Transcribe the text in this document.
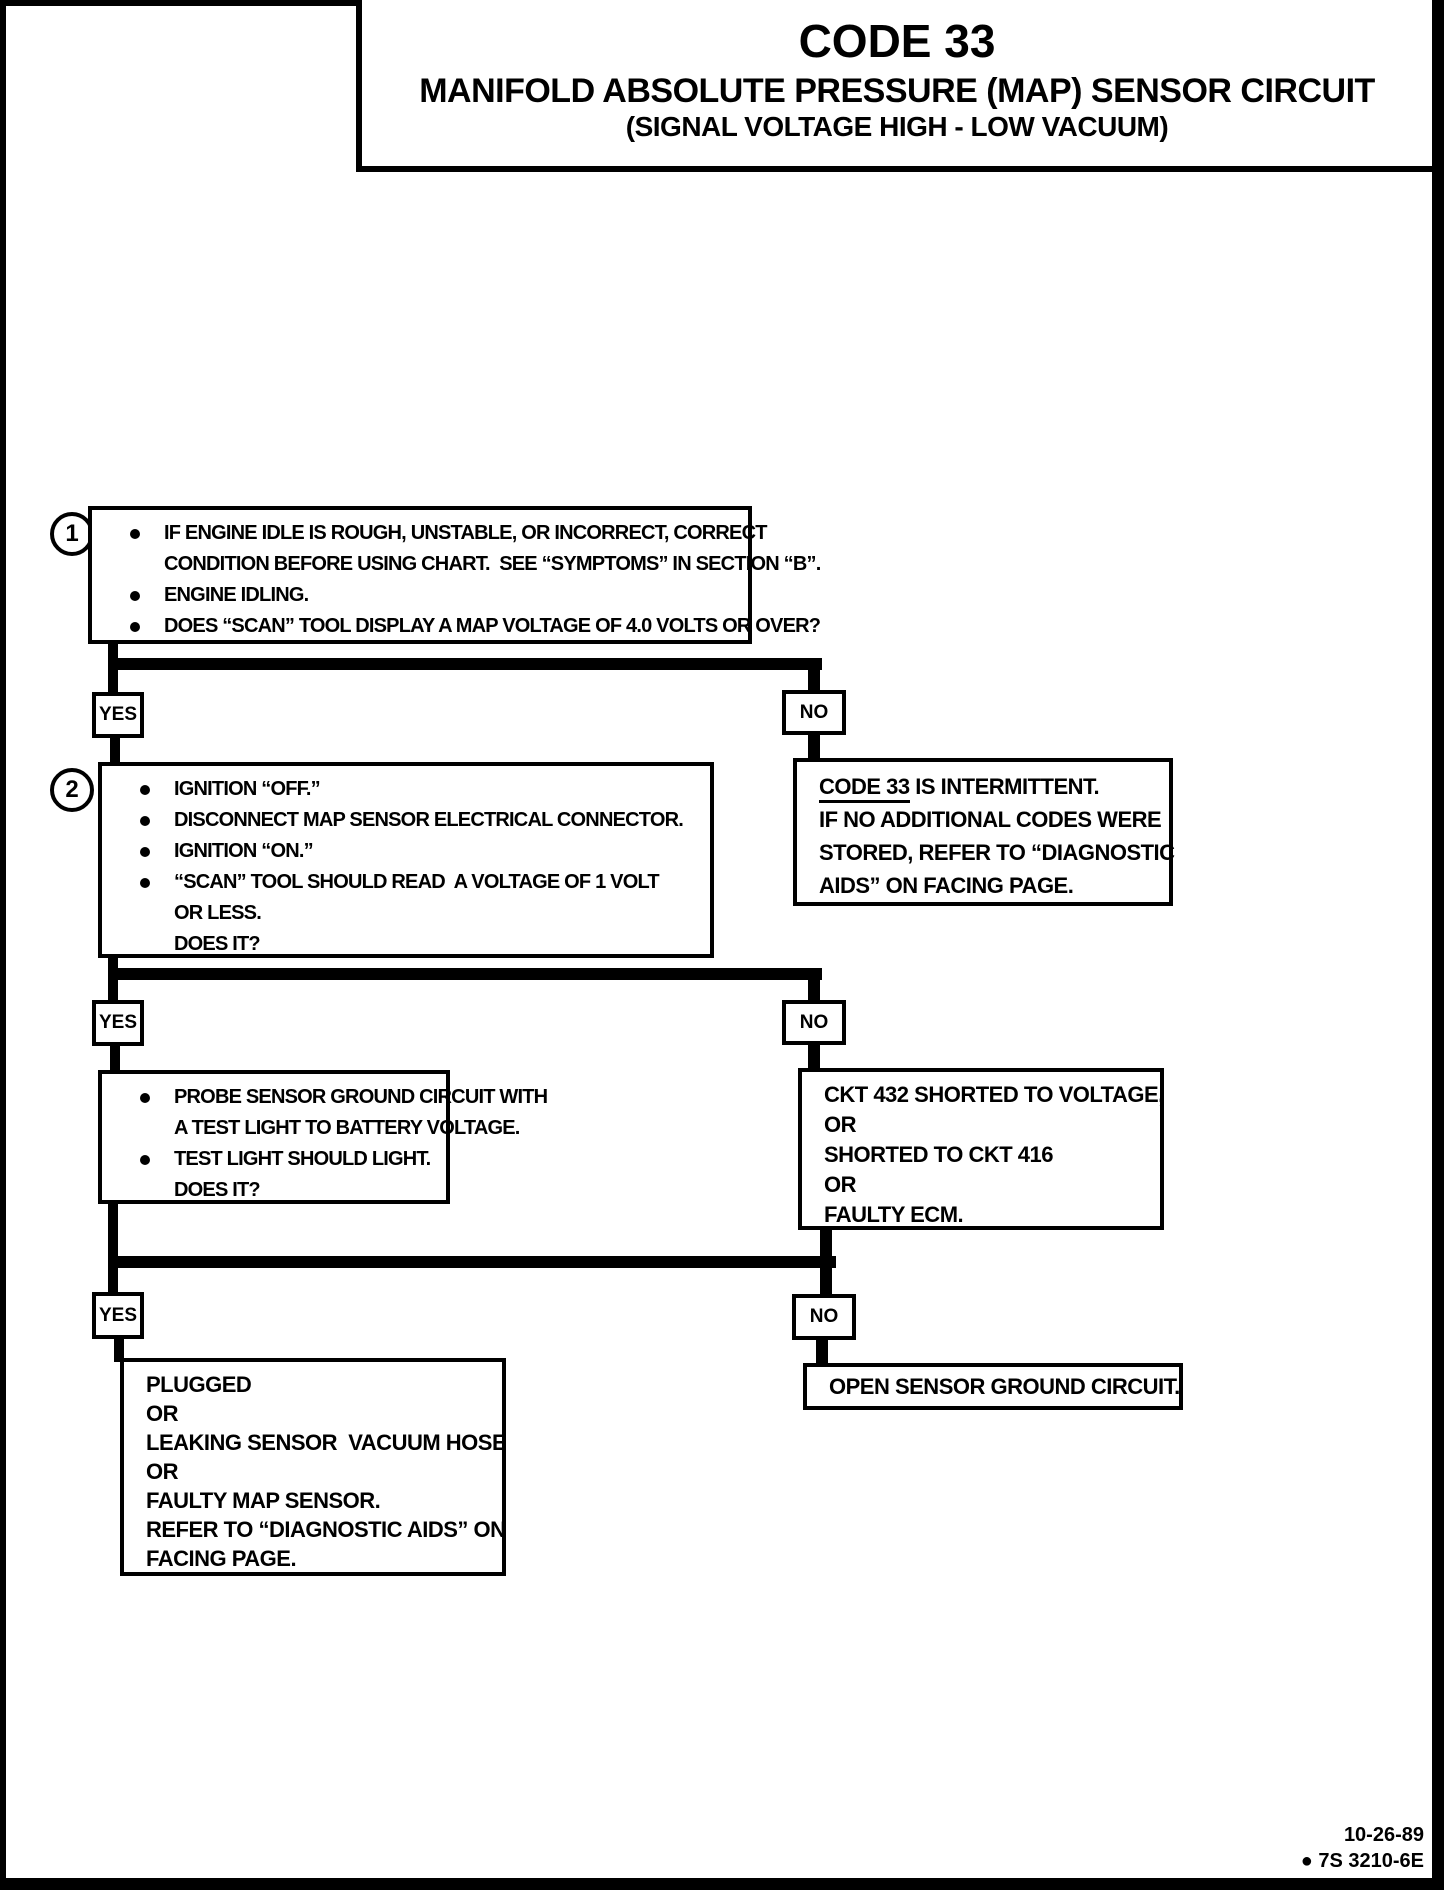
CODE 33
MANIFOLD ABSOLUTE PRESSURE (MAP) SENSOR CIRCUIT
(SIGNAL VOLTAGE HIGH - LOW VACUUM)
1	IF ENGINE IDLE IS ROUGH, UNSTABLE, OR INCORRECT, CORRECT
CONDITION BEFORE USING CHART.  SEE “SYMPTOMS” IN SECTION “B”.
ENGINE IDLING.
DOES “SCAN” TOOL DISPLAY A MAP VOLTAGE OF 4.0 VOLTS OR OVER?
YES	NO
2	IGNITION “OFF.”
DISCONNECT MAP SENSOR ELECTRICAL CONNECTOR.
IGNITION “ON.”
“SCAN” TOOL SHOULD READ  A VOLTAGE OF 1 VOLT
OR LESS.
DOES IT?
CODE 33 IS INTERMITTENT.
IF NO ADDITIONAL CODES WERE
STORED, REFER TO “DIAGNOSTIC
AIDS” ON FACING PAGE.
YES	NO
PROBE SENSOR GROUND CIRCUIT WITH
A TEST LIGHT TO BATTERY VOLTAGE.
TEST LIGHT SHOULD LIGHT.
DOES IT?
CKT 432 SHORTED TO VOLTAGE,
OR
SHORTED TO CKT 416
OR
FAULTY ECM.
YES	NO
PLUGGED
OR
LEAKING SENSOR  VACUUM HOSE
OR
FAULTY MAP SENSOR.
REFER TO “DIAGNOSTIC AIDS” ON
FACING PAGE.
OPEN SENSOR GROUND CIRCUIT.
10-26-89
● 7S 3210-6E
